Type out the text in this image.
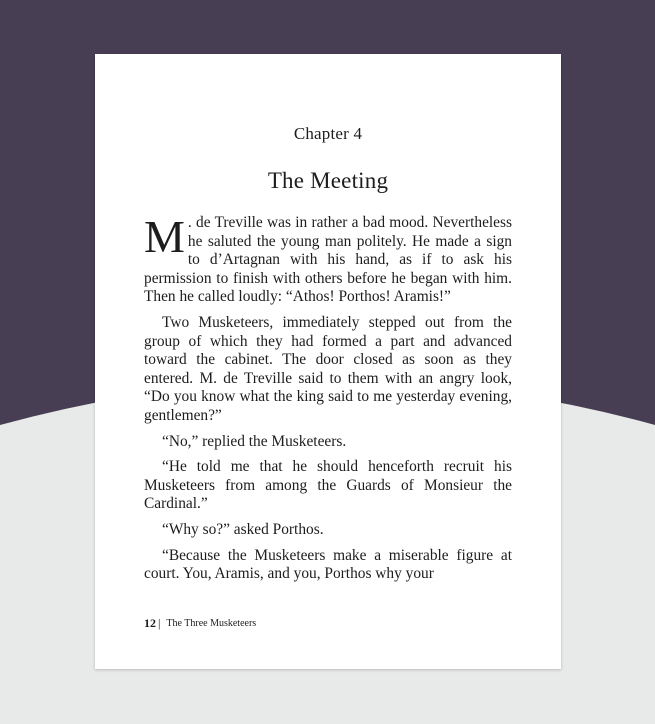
Chapter 4
The Meeting

M . de Treville was in rather a bad mood. Nevertheless he saluted the young man politely. He made a sign to d’Artagnan with his hand, as if to ask his permission to finish with others before he began with him. Then he called loudly: “Athos! Porthos! Aramis!”

Two Musketeers, immediately stepped out from the group of which they had formed a part and advanced toward the cabinet. The door closed as soon as they entered. M. de Treville said to them with an angry look, “Do you know what the king said to me yesterday evening, gentlemen?”

“No,” replied the Musketeers.

“He told me that he should henceforth recruit his Musketeers from among the Guards of Monsieur the Cardinal.”

“Why so?” asked Porthos.

“Because the Musketeers make a miserable figure at court. You, Aramis, and you, Porthos why your

12 | The Three Musketeers
